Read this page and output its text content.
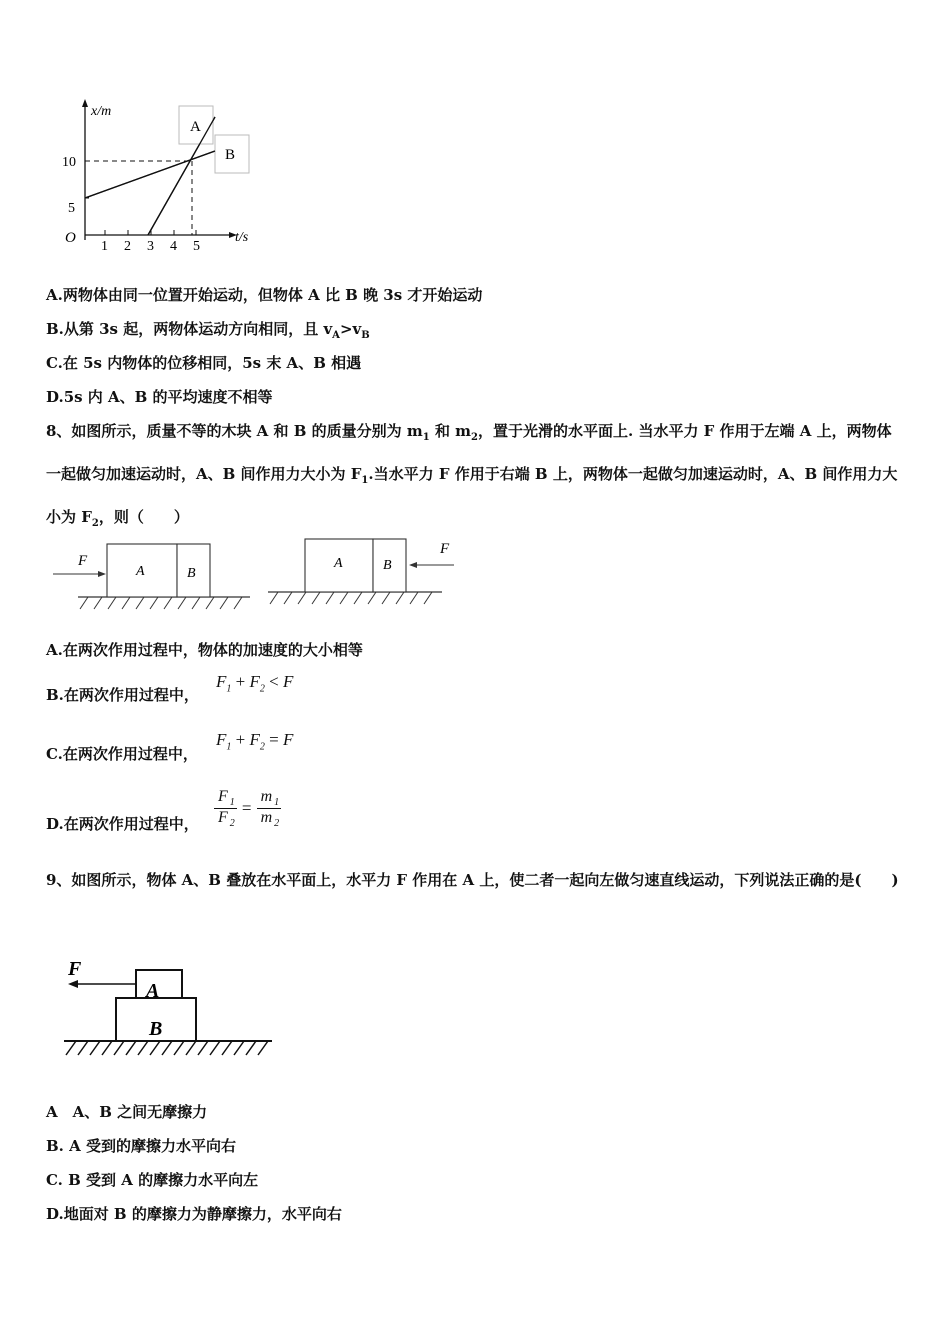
A
B
x/m
t/s
O
10
5
1 2 3 4 5
A.两物体由同一位置开始运动，但物体 A 比 B 晚 3s 才开始运动
B.从第 3s 起，两物体运动方向相同，且 $v_A>v_B$
C.在 5s 内物体的位移相同，5s 末 A、B 相遇
D.5s 内 A、B 的平均速度不相等
8、如图所示，质量不等的木块 A 和 B 的质量分别为 $m_1$ 和 $m_2$，置于光滑的水平面上. 当水平力 F 作用于左端 A 上，两物体一起做匀加速运动时，A、B 间作用力大小为 $F_1$.当水平力 F 作用于右端 B 上，两物体一起做匀加速运动时，A、B 间作用力大小为 $F_2$，则（　　）
F
A	B
F
A	B
A.在两次作用过程中，物体的加速度的大小相等
B.在两次作用过程中，
$F_1 + F_2 < F$
C.在两次作用过程中，
$F_1 + F_2 = F$
D.在两次作用过程中， $\frac{F _1}{F _2} = \frac{m _1}{m _2}$
9、如图所示，物体 A、B 叠放在水平面上，水平力 F 作用在 A 上，使二者一起向左做匀速直线运动，下列说法正确的是(　　)
F
A
B
A　A、B 之间无摩擦力
B. A 受到的摩擦力水平向右
C. B 受到 A 的摩擦力水平向左
D.地面对 B 的摩擦力为静摩擦力，水平向右
